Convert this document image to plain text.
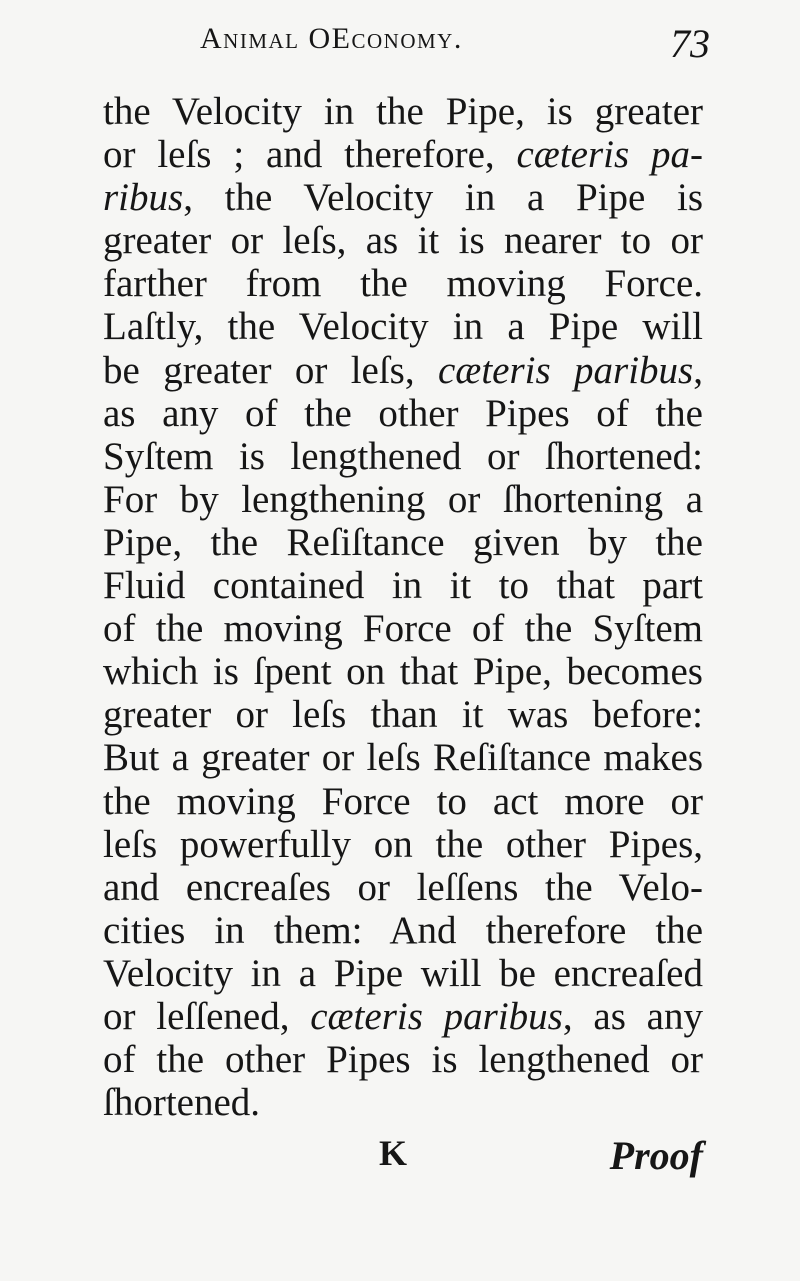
Animal OEconomy.	73
the Velocity in the Pipe, is greater
or leſs ; and therefore, cæteris pa-
ribus, the Velocity in a Pipe is
greater or leſs, as it is nearer to or
farther from the moving Force.
Laſtly, the Velocity in a Pipe will
be greater or leſs, cæteris paribus,
as any of the other Pipes of the
Syſtem is lengthened or ſhortened:
For by lengthening or ſhortening a
Pipe, the Reſiſtance given by the
Fluid contained in it to that part
of the moving Force of the Syſtem
which is ſpent on that Pipe, becomes
greater or leſs than it was before:
But a greater or leſs Reſiſtance makes
the moving Force to act more or
leſs powerfully on the other Pipes,
and encreaſes or leſſens the Velo-
cities in them: And therefore the
Velocity in a Pipe will be encreaſed
or leſſened, cæteris paribus, as any
of the other Pipes is lengthened or
ſhortened.
K	Proof
